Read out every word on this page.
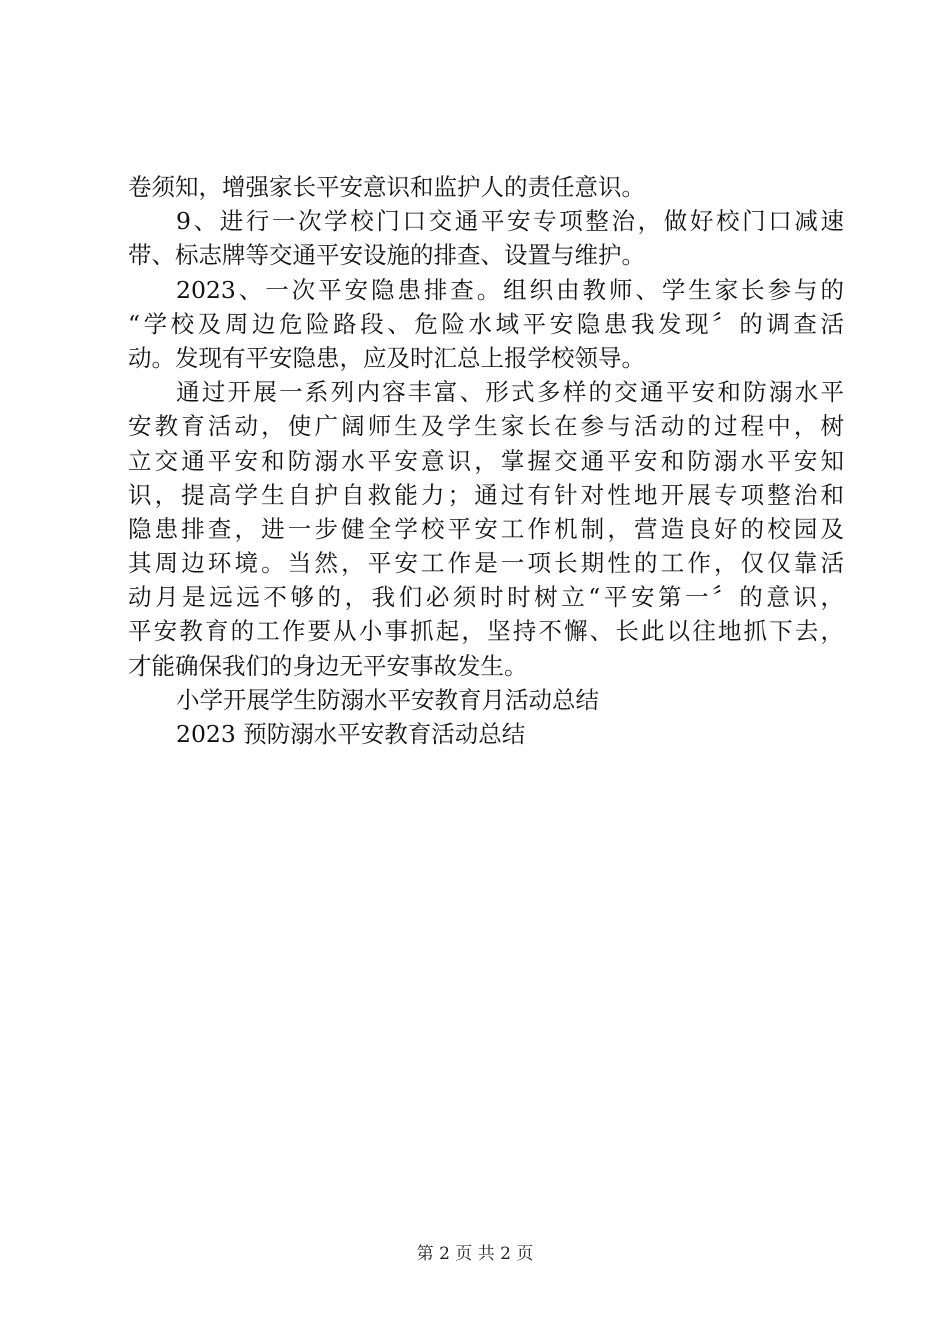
卷须知，增强家长平安意识和监护人的责任意识。
9、进行一次学校门口交通平安专项整治，做好校门口减速
带、标志牌等交通平安设施的排查、设置与维护。
2023、一次平安隐患排查。组织由教师、学生家长参与的
“学校及周边危险路段、危险水域平安隐患我发现〞的调查活
动。发现有平安隐患，应及时汇总上报学校领导。
通过开展一系列内容丰富、形式多样的交通平安和防溺水平
安教育活动，使广阔师生及学生家长在参与活动的过程中，树
立交通平安和防溺水平安意识，掌握交通平安和防溺水平安知
识，提高学生自护自救能力；通过有针对性地开展专项整治和
隐患排查，进一步健全学校平安工作机制，营造良好的校园及
其周边环境。当然，平安工作是一项长期性的工作，仅仅靠活
动月是远远不够的，我们必须时时树立“平安第一〞的意识，
平安教育的工作要从小事抓起，坚持不懈、长此以往地抓下去，
才能确保我们的身边无平安事故发生。
小学开展学生防溺水平安教育月活动总结
2023 预防溺水平安教育活动总结
第 2 页 共 2 页
